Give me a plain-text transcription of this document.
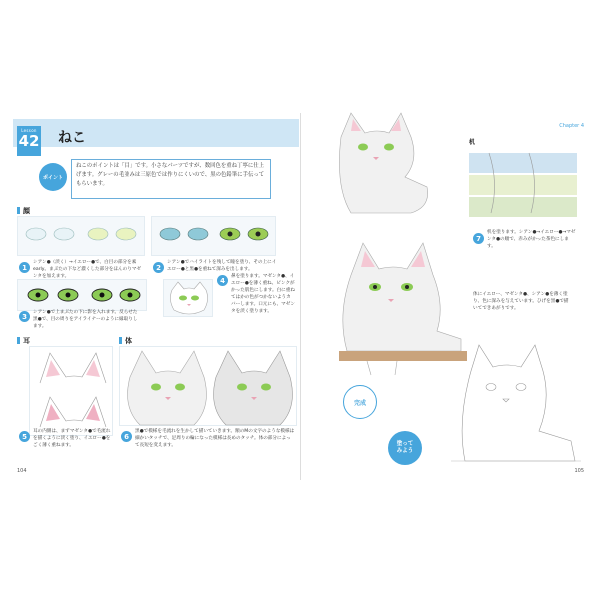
Lesson
42 ねこ
ポイント
ねこのポイントは「目」です。小さなパーツですが、数回色を重ね丁寧に仕上げます。グレーの毛並みは三原色では作りにくいので、黒の色鉛筆に手伝ってもらいます。
顔
1
シアン●（淡く）→イエロー●で、白目の部分を素early。まぶたの下など濃くした部分をほんのりマゼンタを加えます。
2
シアン●でハイライトを残して瞳を塗り、その上にイエロー●と黒●を重ねて深みを出します。
3	シアン●で上まぶたの下に影を入れます。反らせた黒●で、目の周りをアイライナーのように縁取りします。
4	鼻を塗ります。マゼンタ●、イエロー●を薄く重ね、ピンクがかった肌色にします。白に重ねてはかの色がつかないようカバーします。口元にも、マゼンタを淡く塗ります。
耳
5
耳の内側は、まずマゼンタ●で毛流れを描くように淡く塗り、イエロー●をごく薄く重ねます。
体
6
黒●で模様を毛流れを生かして描いていきます。額のMの文字のような模様は細かいタッチで、足周りの輪になった模様は長めのタッチ。体の部分によって長短を変えます。
104
Chapter 4
机
7
机を塗ります。シアン●→イエロー●→マゼンタ●の順で、赤みがかった茶色にします。
完成
体にイエロー、マゼンタ●、シアン●を薄く塗り、色に深みを与えています。ひげを黒●で描いてできあがりです。
塗って
みよう
105
